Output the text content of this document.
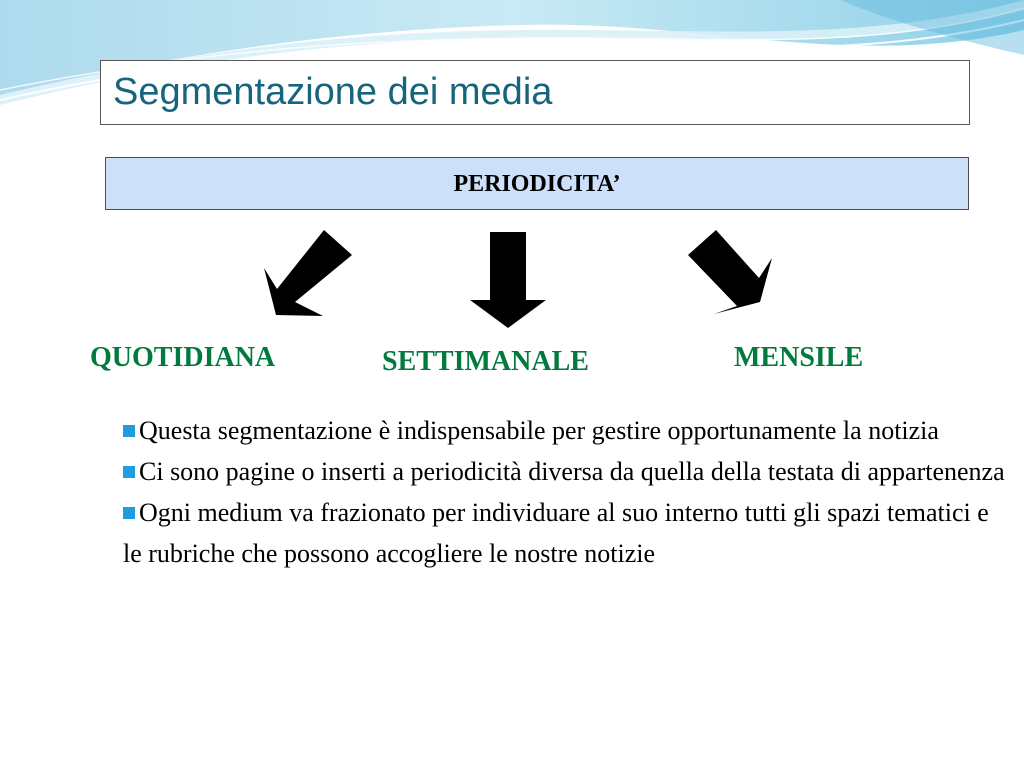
Segmentazione dei media
PERIODICITA’
QUOTIDIANA	SETTIMANALE	MENSILE

Questa segmentazione è indispensabile per gestire opportunamente la notizia

Ci sono pagine o inserti a periodicità diversa da quella della testata di appartenenza

Ogni medium va frazionato per individuare al suo interno tutti gli spazi tematici e le rubriche che possono accogliere le nostre notizie
